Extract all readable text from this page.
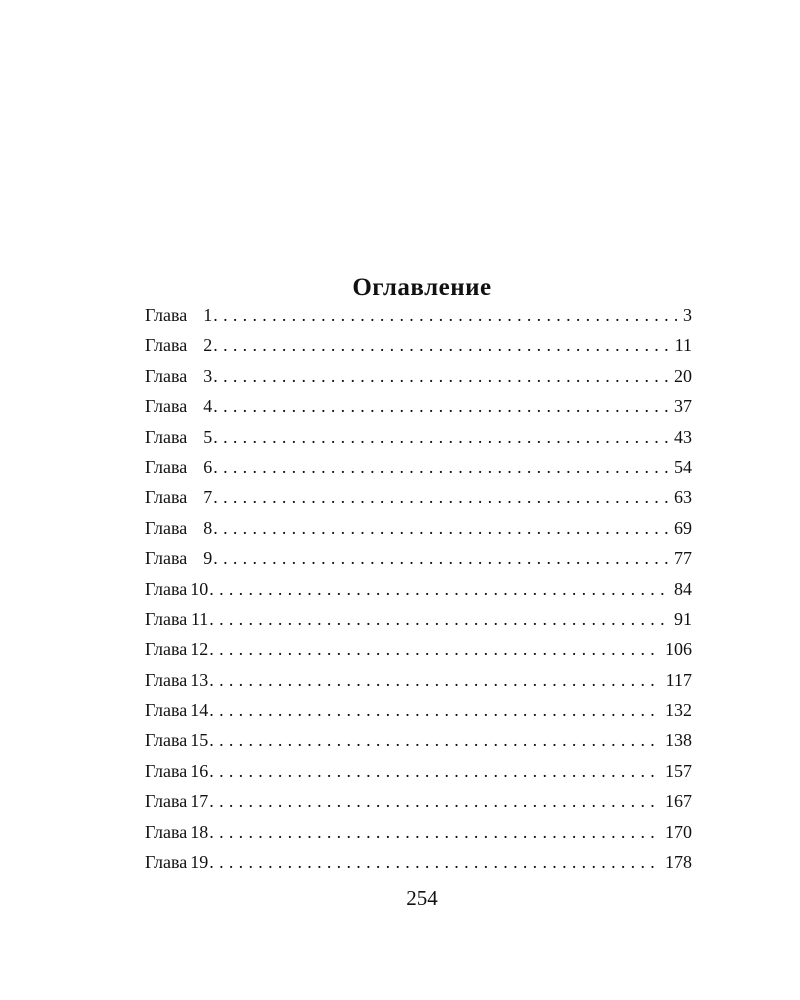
Оглавление
Глава 1 . . .	3
Глава 2 . . .	11
Глава 3 . . .	20
Глава 4 . . .	37
Глава 5 . . .	43
Глава 6 . . .	54
Глава 7 . . .	63
Глава 8 . . .	69
Глава 9 . . .	77
Глава 10 . . .	84
Глава 11 . . .	91
Глава 12 . . .	106
Глава 13 . . .	117
Глава 14 . . .	132
Глава 15 . . .	138
Глава 16 . . .	157
Глава 17 . . .	167
Глава 18 . . .	170
Глава 19 . . .	178
254
